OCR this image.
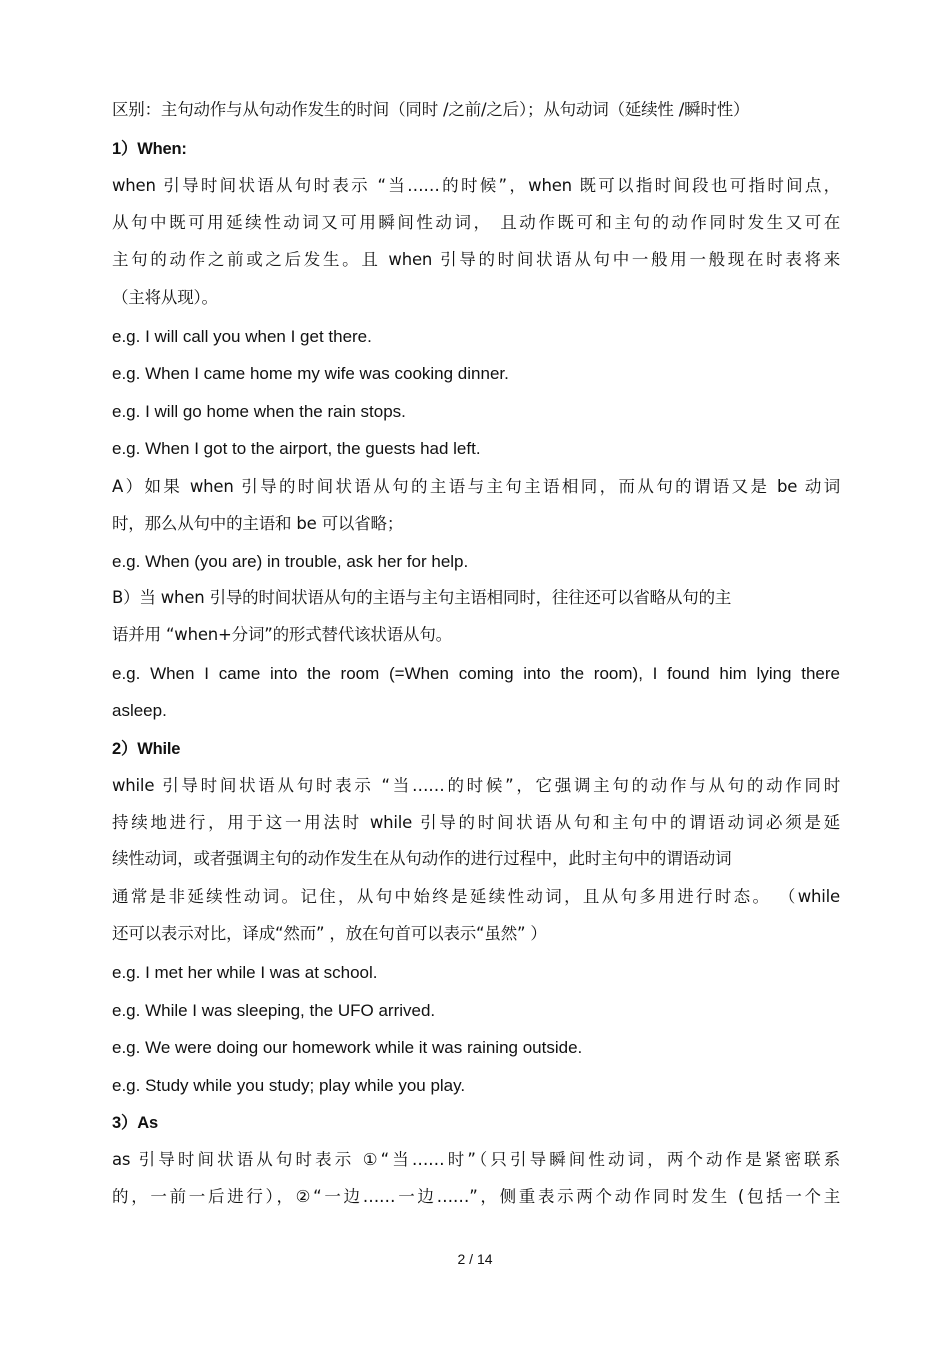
区别：主句动作与从句动作发生的时间（同时 /之前/之后）；从句动词（延续性 /瞬时性）
1）When:
when 引导时间状语从句时表示 “当……的时候”，when 既可以指时间段也可指时间点，
从句中既可用延续性动词又可用瞬间性动词， 且动作既可和主句的动作同时发生又可在
主句的动作之前或之后发生。且 when 引导的时间状语从句中一般用一般现在时表将来
（主将从现）。
e.g. I will call you when I get there.
e.g. When I came home my wife was cooking dinner.
e.g. I will go home when the rain stops.
e.g. When I got to the airport, the guests had left.
A）如果 when 引导的时间状语从句的主语与主句主语相同，而从句的谓语又是 be 动词
时，那么从句中的主语和 be 可以省略；
e.g. When (you are) in trouble, ask her for help.
B）当 when 引导的时间状语从句的主语与主句主语相同时，往往还可以省略从句的主
语并用 “when+分词”的形式替代该状语从句。
e.g. When I came into the room (=When coming into the room), I found him lying there
asleep.
2）While
while 引导时间状语从句时表示 “当……的时候”，它强调主句的动作与从句的动作同时
持续地进行，用于这一用法时 while 引导的时间状语从句和主句中的谓语动词必须是延
续性动词，或者强调主句的动作发生在从句动作的进行过程中，此时主句中的谓语动词
通常是非延续性动词。记住，从句中始终是延续性动词，且从句多用进行时态。 （while
还可以表示对比，译成“然而” ，放在句首可以表示“虽然” ）
e.g. I met her while I was at school.
e.g. While I was sleeping, the UFO arrived.
e.g. We were doing our homework while it was raining outside.
e.g. Study while you study; play while you play.
3）As
as 引导时间状语从句时表示 ①“当……时”（只引导瞬间性动词，两个动作是紧密联系
的，一前一后进行），②“一边……一边……”，侧重表示两个动作同时发生 (包括一个主
2 / 14
